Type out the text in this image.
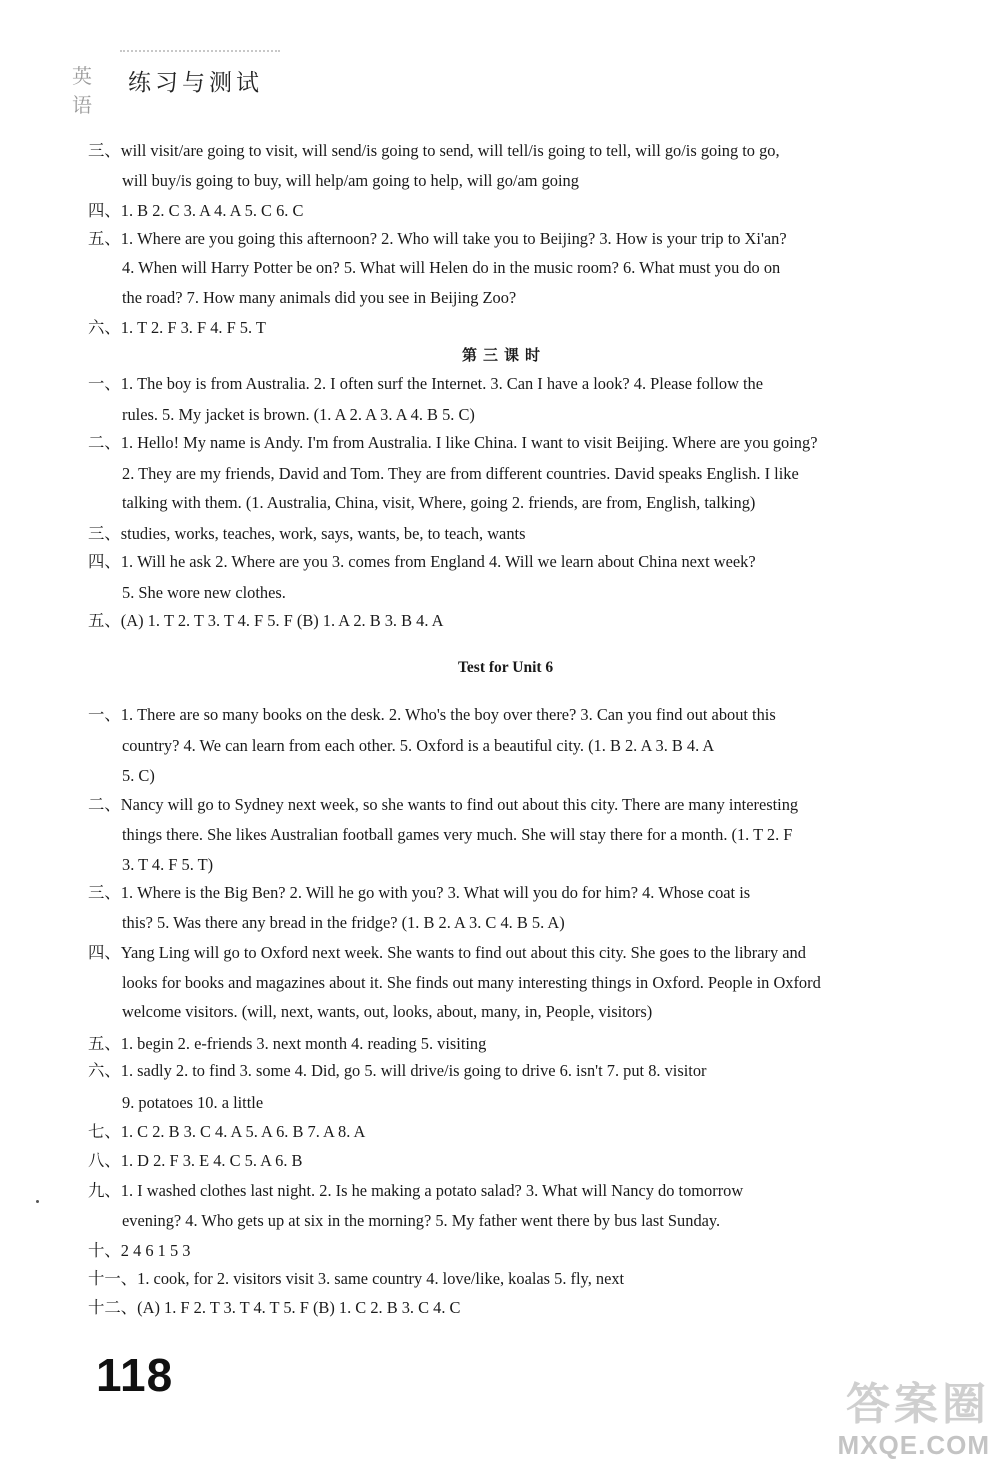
英语
练习与测试
三、will visit/are going to visit, will send/is going to send, will tell/is going to tell, will go/is going to go,
will buy/is going to buy, will help/am going to help, will go/am going
四、1. B 2. C 3. A 4. A 5. C 6. C
五、1. Where are you going this afternoon? 2. Who will take you to Beijing? 3. How is your trip to Xi'an?
4. When will Harry Potter be on? 5. What will Helen do in the music room? 6. What must you do on
the road? 7. How many animals did you see in Beijing Zoo?
六、1. T 2. F 3. F 4. F 5. T
第三课时
一、1. The boy is from Australia. 2. I often surf the Internet. 3. Can I have a look? 4. Please follow the
rules. 5. My jacket is brown. (1. A 2. A 3. A 4. B 5. C)
二、1. Hello! My name is Andy. I'm from Australia. I like China. I want to visit Beijing. Where are you going?
2. They are my friends, David and Tom. They are from different countries. David speaks English. I like
talking with them. (1. Australia, China, visit, Where, going 2. friends, are from, English, talking)
三、studies, works, teaches, work, says, wants, be, to teach, wants
四、1. Will he ask 2. Where are you 3. comes from England 4. Will we learn about China next week?
5. She wore new clothes.
五、(A) 1. T 2. T 3. T 4. F 5. F (B) 1. A 2. B 3. B 4. A
Test for Unit 6
一、1. There are so many books on the desk. 2. Who's the boy over there? 3. Can you find out about this
country? 4. We can learn from each other. 5. Oxford is a beautiful city. (1. B 2. A 3. B 4. A
5. C)
二、Nancy will go to Sydney next week, so she wants to find out about this city. There are many interesting
things there. She likes Australian football games very much. She will stay there for a month. (1. T 2. F
3. T 4. F 5. T)
三、1. Where is the Big Ben? 2. Will he go with you? 3. What will you do for him? 4. Whose coat is
this? 5. Was there any bread in the fridge? (1. B 2. A 3. C 4. B 5. A)
四、Yang Ling will go to Oxford next week. She wants to find out about this city. She goes to the library and
looks for books and magazines about it. She finds out many interesting things in Oxford. People in Oxford
welcome visitors. (will, next, wants, out, looks, about, many, in, People, visitors)
五、1. begin 2. e-friends 3. next month 4. reading 5. visiting
六、1. sadly 2. to find 3. some 4. Did, go 5. will drive/is going to drive 6. isn't 7. put 8. visitor
9. potatoes 10. a little
七、1. C 2. B 3. C 4. A 5. A 6. B 7. A 8. A
八、1. D 2. F 3. E 4. C 5. A 6. B
九、1. I washed clothes last night. 2. Is he making a potato salad? 3. What will Nancy do tomorrow
evening? 4. Who gets up at six in the morning? 5. My father went there by bus last Sunday.
十、2 4 6 1 5 3
十一、1. cook, for 2. visitors visit 3. same country 4. love/like, koalas 5. fly, next
十二、(A) 1. F 2. T 3. T 4. T 5. F (B) 1. C 2. B 3. C 4. C
118
答案圈
MXQE.COM
